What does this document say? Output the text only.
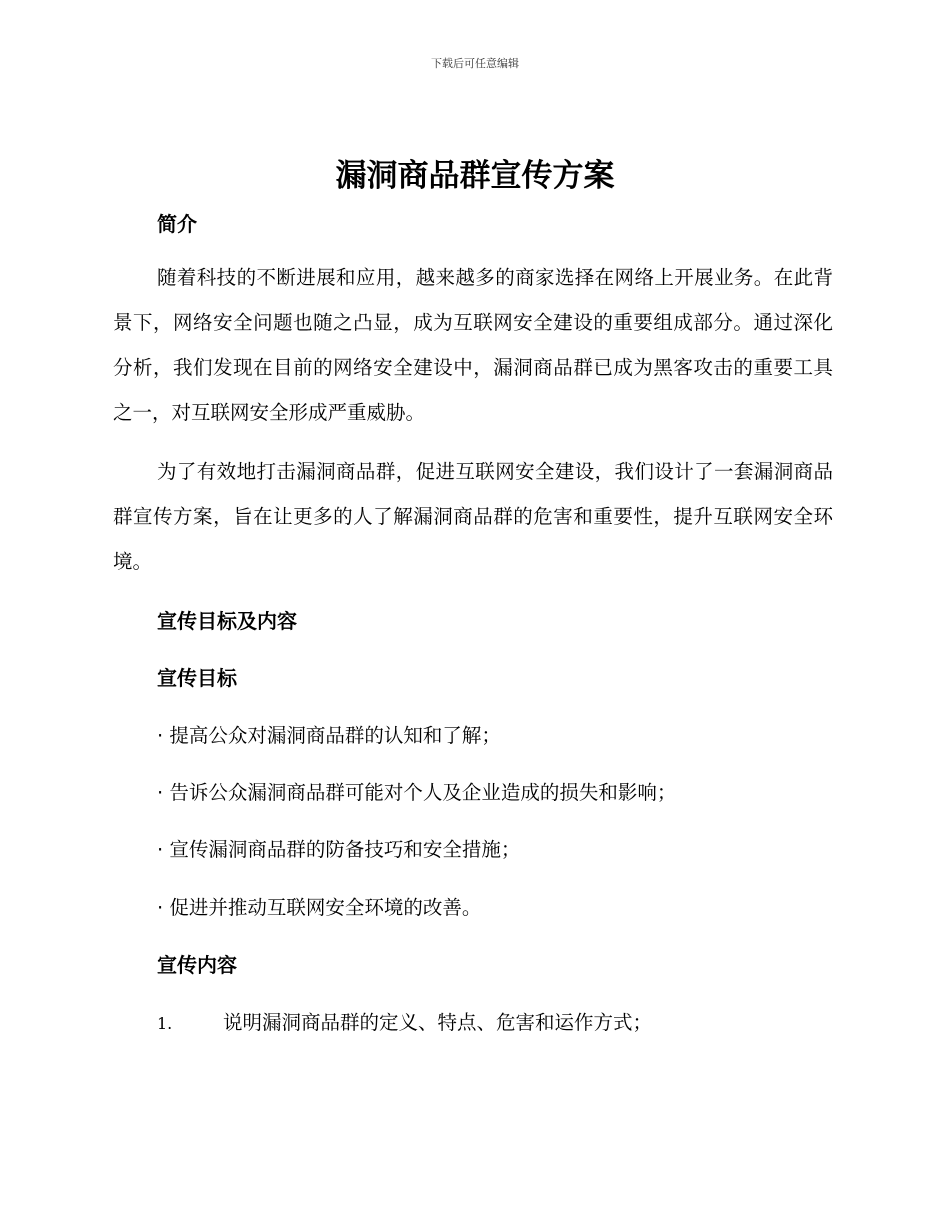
下载后可任意编辑
漏洞商品群宣传方案
简介

随着科技的不断进展和应用，越来越多的商家选择在网络上开展业务。在此背景下，网络安全问题也随之凸显，成为互联网安全建设的重要组成部分。通过深化分析，我们发现在目前的网络安全建设中，漏洞商品群已成为黑客攻击的重要工具之一，对互联网安全形成严重威胁。

为了有效地打击漏洞商品群，促进互联网安全建设，我们设计了一套漏洞商品群宣传方案，旨在让更多的人了解漏洞商品群的危害和重要性，提升互联网安全环境。

宣传目标及内容
宣传目标

· 提高公众对漏洞商品群的认知和了解；

· 告诉公众漏洞商品群可能对个人及企业造成的损失和影响；

· 宣传漏洞商品群的防备技巧和安全措施；

· 促进并推动互联网安全环境的改善。

宣传内容

1.	说明漏洞商品群的定义、特点、危害和运作方式；
